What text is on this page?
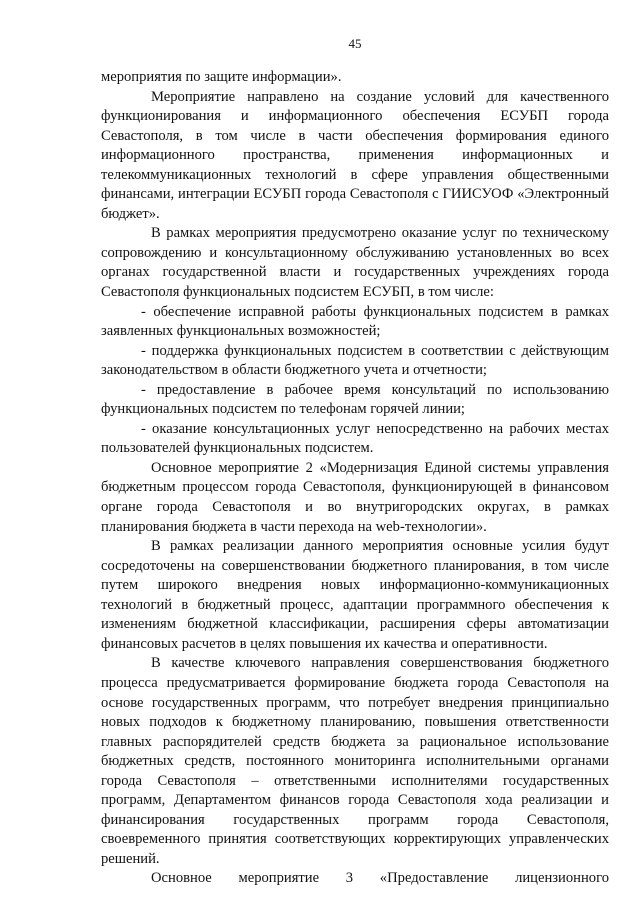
45

мероприятия по защите информации».

Мероприятие направлено на создание условий для качественного функционирования и информационного обеспечения ЕСУБП города Севастополя, в том числе в части обеспечения формирования единого информационного пространства, применения информационных и телекоммуникационных технологий в сфере управления общественными финансами, интеграции ЕСУБП города Севастополя с ГИИСУОФ «Электронный бюджет».

В рамках мероприятия предусмотрено оказание услуг по техническому сопровождению и консультационному обслуживанию установленных во всех органах государственной власти и государственных учреждениях города Севастополя функциональных подсистем ЕСУБП, в том числе:

- обеспечение исправной работы функциональных подсистем в рамках заявленных функциональных возможностей;

- поддержка функциональных подсистем в соответствии с действующим законодательством в области бюджетного учета и отчетности;

- предоставление в рабочее время консультаций по использованию функциональных подсистем по телефонам горячей линии;

- оказание консультационных услуг непосредственно на рабочих местах пользователей функциональных подсистем.

Основное мероприятие 2 «Модернизация Единой системы управления бюджетным процессом города Севастополя, функционирующей в финансовом органе города Севастополя и во внутригородских округах, в рамках планирования бюджета в части перехода на web-технологии».

В рамках реализации данного мероприятия основные усилия будут сосредоточены на совершенствовании бюджетного планирования, в том числе путем широкого внедрения новых информационно-коммуникационных технологий в бюджетный процесс, адаптации программного обеспечения к изменениям бюджетной классификации, расширения сферы автоматизации финансовых расчетов в целях повышения их качества и оперативности.

В качестве ключевого направления совершенствования бюджетного процесса предусматривается формирование бюджета города Севастополя на основе государственных программ, что потребует внедрения принципиально новых подходов к бюджетному планированию, повышения ответственности главных распорядителей средств бюджета за рациональное использование бюджетных средств, постоянного мониторинга исполнительными органами города Севастополя – ответственными исполнителями государственных программ, Департаментом финансов города Севастополя хода реализации и финансирования государственных программ города Севастополя, своевременного принятия соответствующих корректирующих управленческих решений.

Основное мероприятие 3 «Предоставление лицензионного
